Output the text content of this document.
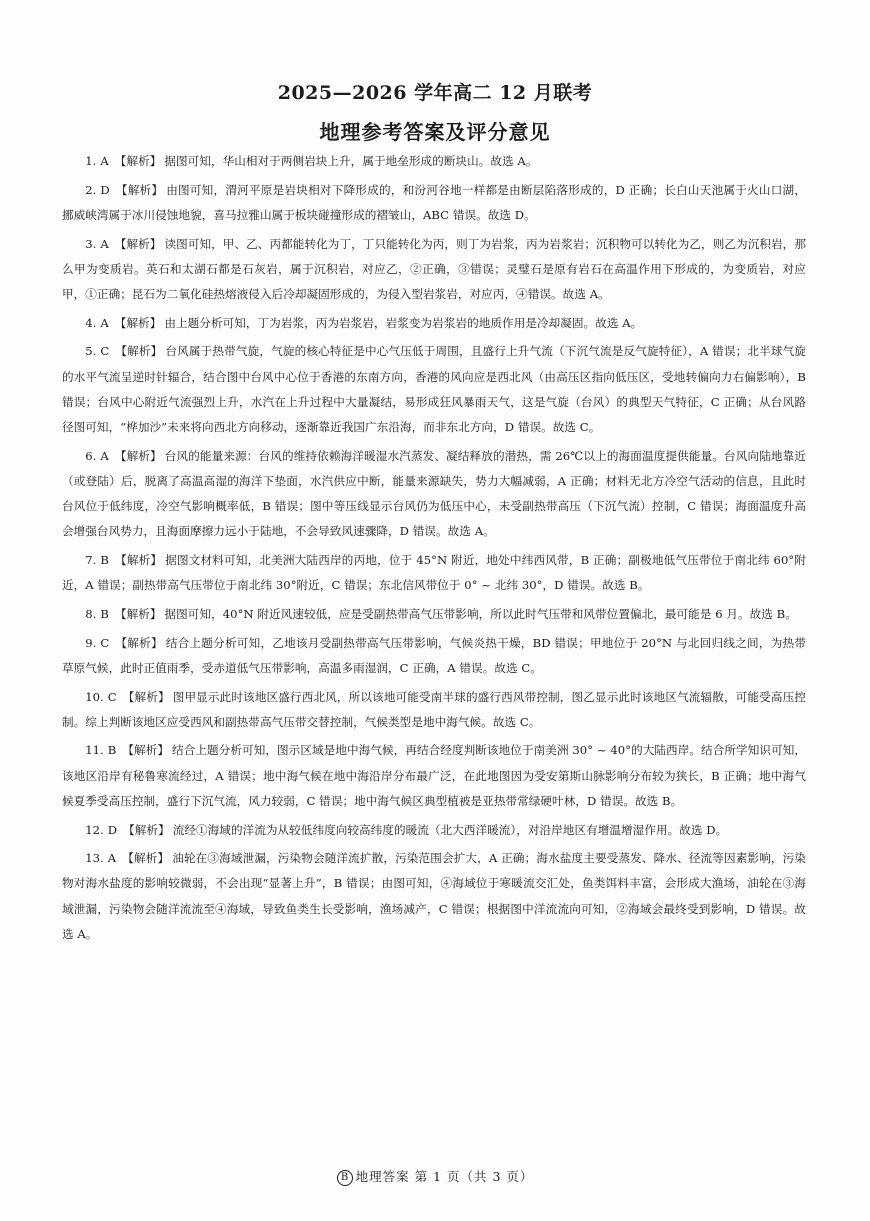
2025—2026 学年高二 12 月联考
地理参考答案及评分意见

1. A 【解析】 据图可知，华山相对于两侧岩块上升，属于地垒形成的断块山。故选 A。

2. D 【解析】 由图可知，渭河平原是岩块相对下降形成的，和汾河谷地一样都是由断层陷落形成的，D 正确；长白山天池属于火山口湖，挪威峡湾属于冰川侵蚀地貌，喜马拉雅山属于板块碰撞形成的褶皱山，ABC 错误。故选 D。

3. A 【解析】 读图可知，甲、乙、丙都能转化为丁，丁只能转化为丙，则丁为岩浆，丙为岩浆岩；沉积物可以转化为乙，则乙为沉积岩，那么甲为变质岩。英石和太湖石都是石灰岩，属于沉积岩，对应乙，②正确，③错误；灵璧石是原有岩石在高温作用下形成的，为变质岩，对应甲，①正确；昆石为二氧化硅热熔液侵入后冷却凝固形成的，为侵入型岩浆岩，对应丙，④错误。故选 A。

4. A 【解析】 由上题分析可知，丁为岩浆，丙为岩浆岩，岩浆变为岩浆岩的地质作用是冷却凝固。故选 A。

5. C 【解析】 台风属于热带气旋，气旋的核心特征是中心气压低于周围，且盛行上升气流（下沉气流是反气旋特征），A 错误；北半球气旋的水平气流呈逆时针辐合，结合图中台风中心位于香港的东南方向，香港的风向应是西北风（由高压区指向低压区，受地转偏向力右偏影响），B 错误；台风中心附近气流强烈上升，水汽在上升过程中大量凝结，易形成狂风暴雨天气，这是气旋（台风）的典型天气特征，C 正确；从台风路径图可知，“桦加沙”未来将向西北方向移动，逐渐靠近我国广东沿海，而非东北方向，D 错误。故选 C。

6. A 【解析】 台风的能量来源：台风的维持依赖海洋暖湿水汽蒸发、凝结释放的潜热，需 26℃以上的海面温度提供能量。台风向陆地靠近（或登陆）后，脱离了高温高湿的海洋下垫面，水汽供应中断，能量来源缺失，势力大幅减弱，A 正确；材料无北方冷空气活动的信息，且此时台风位于低纬度，冷空气影响概率低，B 错误；图中等压线显示台风仍为低压中心，未受副热带高压（下沉气流）控制，C 错误；海面温度升高会增强台风势力，且海面摩擦力远小于陆地，不会导致风速骤降，D 错误。故选 A。

7. B 【解析】 据图文材料可知，北美洲大陆西岸的丙地，位于 45°N 附近，地处中纬西风带，B 正确；副极地低气压带位于南北纬 60°附近，A 错误；副热带高气压带位于南北纬 30°附近，C 错误；东北信风带位于 0° ~ 北纬 30°，D 错误。故选 B。

8. B 【解析】 据图可知，40°N 附近风速较低，应是受副热带高气压带影响，所以此时气压带和风带位置偏北，最可能是 6 月。故选 B。

9. C 【解析】 结合上题分析可知，乙地该月受副热带高气压带影响，气候炎热干燥，BD 错误；甲地位于 20°N 与北回归线之间，为热带草原气候，此时正值雨季，受赤道低气压带影响，高温多雨湿润，C 正确，A 错误。故选 C。

10. C 【解析】 图甲显示此时该地区盛行西北风，所以该地可能受南半球的盛行西风带控制，图乙显示此时该地区气流辐散，可能受高压控制。综上判断该地区应受西风和副热带高气压带交替控制，气候类型是地中海气候。故选 C。

11. B 【解析】 结合上题分析可知，图示区域是地中海气候，再结合经度判断该地位于南美洲 30° ~ 40°的大陆西岸。结合所学知识可知，该地区沿岸有秘鲁寒流经过，A 错误；地中海气候在地中海沿岸分布最广泛，在此地图因为受安第斯山脉影响分布较为狭长，B 正确；地中海气候夏季受高压控制，盛行下沉气流，风力较弱，C 错误；地中海气候区典型植被是亚热带常绿硬叶林，D 错误。故选 B。

12. D 【解析】 流经①海域的洋流为从较低纬度向较高纬度的暖流（北大西洋暖流），对沿岸地区有增温增湿作用。故选 D。

13. A 【解析】 油轮在③海域泄漏，污染物会随洋流扩散，污染范围会扩大，A 正确；海水盐度主要受蒸发、降水、径流等因素影响，污染物对海水盐度的影响较微弱，不会出现“显著上升”，B 错误；由图可知，④海域位于寒暖流交汇处，鱼类饵料丰富，会形成大渔场，油轮在③海域泄漏，污染物会随洋流流至④海域，导致鱼类生长受影响，渔场减产，C 错误；根据图中洋流流向可知，②海域会最终受到影响，D 错误。故选 A。

B 地理答案 第 1 页（共 3 页）
